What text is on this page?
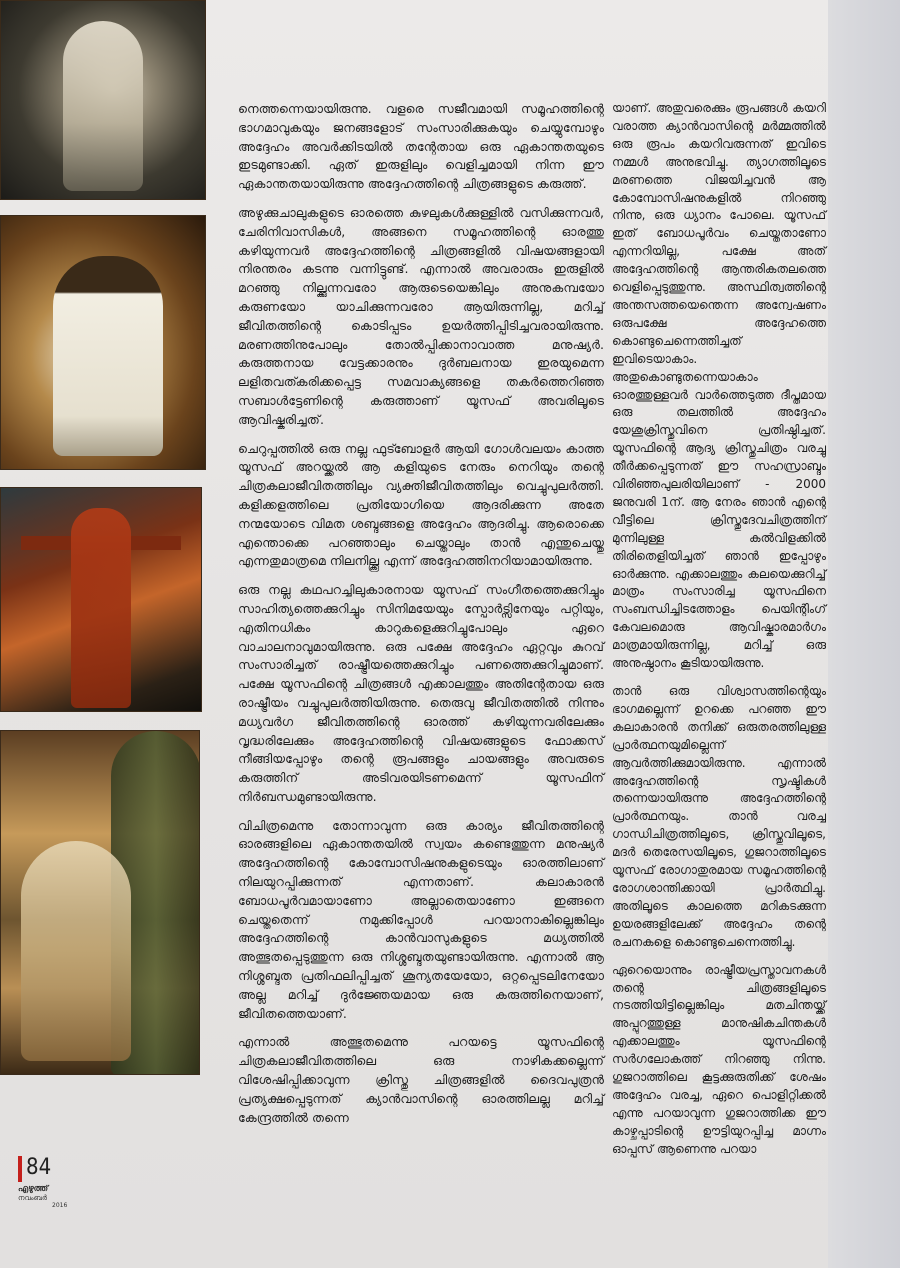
നെത്തന്നെയായിരുന്നു. വളരെ സജീവമായി സമൂഹത്തിന്റെ ഭാഗമാവുകയും ജനങ്ങളോട് സംസാരിക്കുകയും ചെയ്യുമ്പോഴും അദ്ദേഹം അവർക്കിടയിൽ തന്റേതായ ഒരു ഏകാന്തതയുടെ ഇടമുണ്ടാക്കി. ഏത് ഇരുളിലും വെളിച്ചമായി നിന്ന ഈ ഏകാന്തതയായിരുന്നു അദ്ദേഹത്തിന്റെ ചിത്രങ്ങളുടെ കരുത്ത്.

അഴുക്കുചാലുകളുടെ ഓരത്തെ കുഴലുകൾക്കുള്ളിൽ വസിക്കുന്നവർ, ചേരിനിവാസികൾ, അങ്ങനെ സമൂഹത്തിന്റെ ഓരത്തു കഴിയുന്നവർ അദ്ദേഹത്തിന്റെ ചിത്രങ്ങളിൽ വിഷയങ്ങളായി നിരന്തരം കടന്നു വന്നിട്ടുണ്ട്. എന്നാൽ അവരാരും ഇരുളിൽ മറഞ്ഞു നില്ക്കുന്നവരോ ആരുടെയെങ്കിലും അനുകമ്പയോ കരുണയോ യാചിക്കുന്നവരോ ആയിരുന്നില്ല, മറിച്ച് ജീവിതത്തിന്റെ കൊടിപ്പടം ഉയർത്തിപ്പിടിച്ചവരായിരുന്നു. മരണത്തിനുപോലും തോൽപ്പിക്കാനാവാത്ത മനുഷ്യർ. കരുത്തനായ വേട്ടക്കാരനും ദുർബലനായ ഇരയുമെന്ന ലളിതവത്കരിക്കപ്പെട്ട സമവാക്യങ്ങളെ തകർത്തെറിഞ്ഞ സബാൾട്ടേണിന്റെ കരുത്താണ് യൂസഫ് അവരിലൂടെ ആവിഷ്കരിച്ചത്.

ചെറുപ്പത്തിൽ ഒരു നല്ല ഫുട്ബോളർ ആയി ഗോൾവലയം കാത്ത യൂസഫ് അറയ്ക്കൽ ആ കളിയുടെ നേരും നെറിയും തന്റെ ചിത്രകലാജീവിതത്തിലും വ്യക്തിജീവിതത്തിലും വെച്ചുപുലർത്തി. കളിക്കളത്തിലെ പ്രതിയോഗിയെ ആദരിക്കുന്ന അതേ നന്മയോടെ വിമത ശബ്ദങ്ങളെ അദ്ദേഹം ആദരിച്ചു. ആരൊക്കെ എന്തൊക്കെ പറഞ്ഞാലും ചെയ്താലും താൻ എന്തുചെയ്തു എന്നതുമാത്രമെ നിലനില്ക്കൂ എന്ന് അദ്ദേഹത്തിനറിയാമായിരുന്നു.

ഒരു നല്ല കഥപറച്ചിലുകാരനായ യൂസഫ് സംഗീതത്തെക്കുറിച്ചും സാഹിത്യത്തെക്കുറിച്ചും സിനിമയേയും സ്പോർട്സിനേയും പറ്റിയും, എതിനധികം കാറുകളെക്കുറിച്ചുപോലും ഏറെ വാചാലനാവുമായിരുന്നു. ഒരു പക്ഷേ അദ്ദേഹം ഏറ്റവും കുറവ് സംസാരിച്ചത് രാഷ്ട്രീയത്തെക്കുറിച്ചും പണത്തെക്കുറിച്ചുമാണ്. പക്ഷേ യൂസഫിന്റെ ചിത്രങ്ങൾ എക്കാലത്തും അതിന്റേതായ ഒരു രാഷ്ട്രീയം വച്ചുപുലർത്തിയിരുന്നു. തെരുവു ജീവിതത്തിൽ നിന്നും മധ്യവർഗ ജീവിതത്തിന്റെ ഓരത്ത് കഴിയുന്നവരിലേക്കും വൃദ്ധരിലേക്കും അദ്ദേഹത്തിന്റെ വിഷയങ്ങളുടെ ഫോക്കസ് നീങ്ങിയപ്പോഴും തന്റെ രൂപങ്ങളും ചായങ്ങളും അവരുടെ കരുത്തിന് അടിവരയിടണമെന്ന് യൂസഫിന് നിർബന്ധമുണ്ടായിരുന്നു.

വിചിത്രമെന്നു തോന്നാവുന്ന ഒരു കാര്യം ജീവിതത്തിന്റെ ഓരങ്ങളിലെ ഏകാന്തതയിൽ സ്വയം കണ്ടെത്തുന്ന മനുഷ്യർ അദ്ദേഹത്തിന്റെ കോമ്പോസിഷനുകളുടെയും ഓരത്തിലാണ് നിലയുറപ്പിക്കുന്നത് എന്നതാണ്. കലാകാരൻ ബോധപൂർവമായാണോ അല്ലാതെയാണോ ഇങ്ങനെ ചെയ്തതെന്ന് നമുക്കിപ്പോൾ പറയാനാകില്ലെങ്കിലും അദ്ദേഹത്തിന്റെ കാൻവാസുകളുടെ മധ്യത്തിൽ അത്ഭുതപ്പെടുത്തുന്ന ഒരു നിശ്ശബ്ദതയുണ്ടായിരുന്നു. എന്നാൽ ആ നിശ്ശബ്ദത പ്രതിഫലിപ്പിച്ചത് ശൂന്യതയേയോ, ഒറ്റപ്പെടലിനേയോ അല്ല മറിച്ച് ദുർജ്ഞേയമായ ഒരു കരുത്തിനെയാണ്, ജീവിതത്തെയാണ്.

എന്നാൽ അത്ഭുതമെന്നു പറയട്ടെ യൂസഫിന്റെ ചിത്രകലാജീവിതത്തിലെ ഒരു നാഴികക്കല്ലെന്ന് വിശേഷിപ്പിക്കാവുന്ന ക്രിസ്തു ചിത്രങ്ങളിൽ ദൈവപുത്രൻ പ്രത്യക്ഷപ്പെടുന്നത് ക്യാൻവാസിന്റെ ഓരത്തിലല്ല മറിച്ച് കേന്ദ്രത്തിൽ തന്നെ

യാണ്. അതുവരെക്കും രൂപങ്ങൾ കയറി വരാത്ത ക്യാൻവാസിന്റെ മർമ്മത്തിൽ ഒരു രൂപം കയറിവരുന്നത് ഇവിടെ നമ്മൾ അനുഭവിച്ചു. ത്യാഗത്തിലൂടെ മരണത്തെ വിജയിച്ചവൻ ആ കോമ്പോസിഷനുകളിൽ നിറഞ്ഞു നിന്നു, ഒരു ധ്യാനം പോലെ. യൂസഫ് ഇത് ബോധപൂർവം ചെയ്തതാണോ എന്നറിയില്ല, പക്ഷേ അത് അദ്ദേഹത്തിന്റെ ആന്തരികതലത്തെ വെളിപ്പെടുത്തുന്നു. അസ്ഥിത്വത്തിന്റെ അന്തസത്തയെന്തെന്ന അന്വേഷണം ഒരുപക്ഷേ അദ്ദേഹത്തെ കൊണ്ടുചെന്നെത്തിച്ചത് ഇവിടെയാകാം. അതുകൊണ്ടുതന്നെയാകാം ഓരത്തുള്ളവർ വാർത്തെടുത്ത ദീപ്തമായ ഒരു തലത്തിൽ അദ്ദേഹം യേശുക്രിസ്തുവിനെ പ്രതിഷ്ഠിച്ചത്. യൂസഫിന്റെ ആദ്യ ക്രിസ്തുചിത്രം വരച്ചു തീർക്കപ്പെടുന്നത് ഈ സഹസ്രാബ്ദം വിരിഞ്ഞപുലരിയിലാണ് - 2000 ജനുവരി 1ന്. ആ നേരം ഞാൻ എന്റെ വീട്ടിലെ ക്രിസ്തുദേവചിത്രത്തിന് മുന്നിലുള്ള കൽവിളക്കിൽ തിരിതെളിയിച്ചത് ഞാൻ ഇപ്പോഴും ഓർക്കുന്നു. എക്കാലത്തും കലയെക്കുറിച്ച് മാത്രം സംസാരിച്ച യൂസഫിനെ സംബന്ധിച്ചിടത്തോളം പെയിന്റിംഗ് കേവലമൊരു ആവിഷ്കാരമാർഗം മാത്രമായിരുന്നില്ല, മറിച്ച് ഒരു അനുഷ്ഠാനം കൂടിയായിരുന്നു.

താൻ ഒരു വിശ്വാസത്തിന്റെയും ഭാഗമല്ലെന്ന് ഉറക്കെ പറഞ്ഞ ഈ കലാകാരൻ തനിക്ക് ഒരുതരത്തിലുള്ള പ്രാർത്ഥനയുമില്ലെന്ന് ആവർത്തിക്കുമായിരുന്നു. എന്നാൽ അദ്ദേഹത്തിന്റെ സൃഷ്ടികൾ തന്നെയായിരുന്നു അദ്ദേഹത്തിന്റെ പ്രാർത്ഥനയും. താൻ വരച്ച ഗാന്ധിചിത്രത്തിലൂടെ, ക്രിസ്തുവിലൂടെ, മദർ തെരേസയിലൂടെ, ഗുജറാത്തിലൂടെ യൂസഫ് രോഗാതുരമായ സമൂഹത്തിന്റെ രോഗശാന്തിക്കായി പ്രാർത്ഥിച്ചു. അതിലൂടെ കാലത്തെ മറികടക്കുന്ന ഉയരങ്ങളിലേക്ക് അദ്ദേഹം തന്റെ രചനകളെ കൊണ്ടുചെന്നെത്തിച്ചു.

ഏറെയൊന്നും രാഷ്ട്രീയപ്രസ്താവനകൾ തന്റെ ചിത്രങ്ങളിലൂടെ നടത്തിയിട്ടില്ലെങ്കിലും മതചിന്തയ്ക്ക് അപ്പുറത്തുള്ള മാനുഷികചിന്തകൾ എക്കാലത്തും യൂസഫിന്റെ സർഗലോകത്ത് നിറഞ്ഞു നിന്നു. ഗുജറാത്തിലെ കൂട്ടക്കുരുതിക്ക് ശേഷം അദ്ദേഹം വരച്ച, ഏറെ പൊളിറ്റിക്കൽ എന്നു പറയാവുന്ന ഗുജറാത്തിക്ക ഈ കാഴ്ചപ്പാടിന്റെ ഊട്ടിയുറപ്പിച്ച മാഗ്നം ഓപ്പസ് ആണെന്നു പറയാ

84
എഴുത്ത്
നവംബർ
2016
